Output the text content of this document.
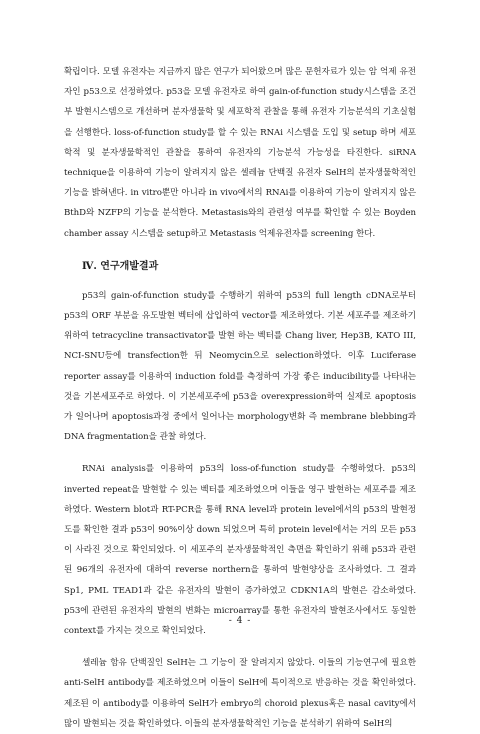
확립이다. 모델 유전자는 지금까지 많은 연구가 되어왔으며 많은 문헌자료가 있는 암 억제 유전자인 p53으로 선정하였다. p53을 모델 유전자로 하여 gain-of-function study시스템을 조건부 발현시스템으로 개선하며 분자생물학 및 세포학적 관찰을 통해 유전자 기능분석의 기초실험을 선행한다. loss-of-function study를 할 수 있는 RNAi 시스템을 도입 및 setup 하며 세포학적 및 분자생물학적인 관찰을 통하여 유전자의 기능분석 가능성을 타진한다. siRNA technique을 이용하여 기능이 알려지지 않은 셀레늄 단백질 유전자 SelH의 분자생물학적인 기능을 밝혀낸다. in vitro뿐만 아니라 in vivo에서의 RNAi를 이용하여 기능이 알려지지 않은 BthD와 NZFP의 기능을 분석한다. Metastasis와의 관련성 여부를 확인할 수 있는 Boyden chamber assay 시스템을 setup하고 Metastasis 억제유전자를 screening 한다.

Ⅳ. 연구개발결과

p53의 gain-of-function study를 수행하기 위하여 p53의 full length cDNA로부터 p53의 ORF 부분을 유도발현 벡터에 삽입하여 vector를 제조하였다. 기본 세포주를 제조하기 위하여 tetracycline transactivator를 발현 하는 벡터를 Chang liver, Hep3B, KATO III, NCI-SNU등에 transfection한 뒤 Neomycin으로 selection하였다. 이후 Luciferase reporter assay를 이용하여 induction fold를 측정하여 가장 좋은 inducibility를 나타내는 것을 기본세포주로 하였다. 이 기본세포주에 p53을 overexpression하여 실제로 apoptosis가 일어나며 apoptosis과정 중에서 일어나는 morphology변화 즉 membrane blebbing과 DNA fragmentation을 관찰 하였다.

RNAi analysis를 이용하여 p53의 loss-of-function study를 수행하였다. p53의 inverted repeat을 발현할 수 있는 벡터를 제조하였으며 이들을 영구 발현하는 세포주를 제조하였다. Western blot과 RT-PCR을 통해 RNA level과 protein level에서의 p53의 발현정도를 확인한 결과 p53이 90%이상 down 되었으며 특히 protein level에서는 거의 모든 p53이 사라진 것으로 확인되었다. 이 세포주의 분자생물학적인 측면을 확인하기 위해 p53과 관련된 96개의 유전자에 대하여 reverse northern을 통하여 발현양상을 조사하였다. 그 결과 Sp1, PML TEAD1과 같은 유전자의 발현이 증가하였고 CDKN1A의 발현은 감소하였다. p53에 관련된 유전자의 발현의 변화는 microarray를 통한 유전자의 발현조사에서도 동일한 context를 가지는 것으로 확인되었다.

셀레늄 함유 단백질인 SelH는 그 기능이 잘 알려지지 않았다. 이들의 기능연구에 필요한 anti-SelH antibody를 제조하였으며 이들이 SelH에 특이적으로 반응하는 것을 확인하였다. 제조된 이 antibody를 이용하여 SelH가 embryo의 choroid plexus혹은 nasal cavity에서 많이 발현되는 것을 확인하였다. 이들의 분자생물학적인 기능을 분석하기 위하여 SelH의

- 4 -
